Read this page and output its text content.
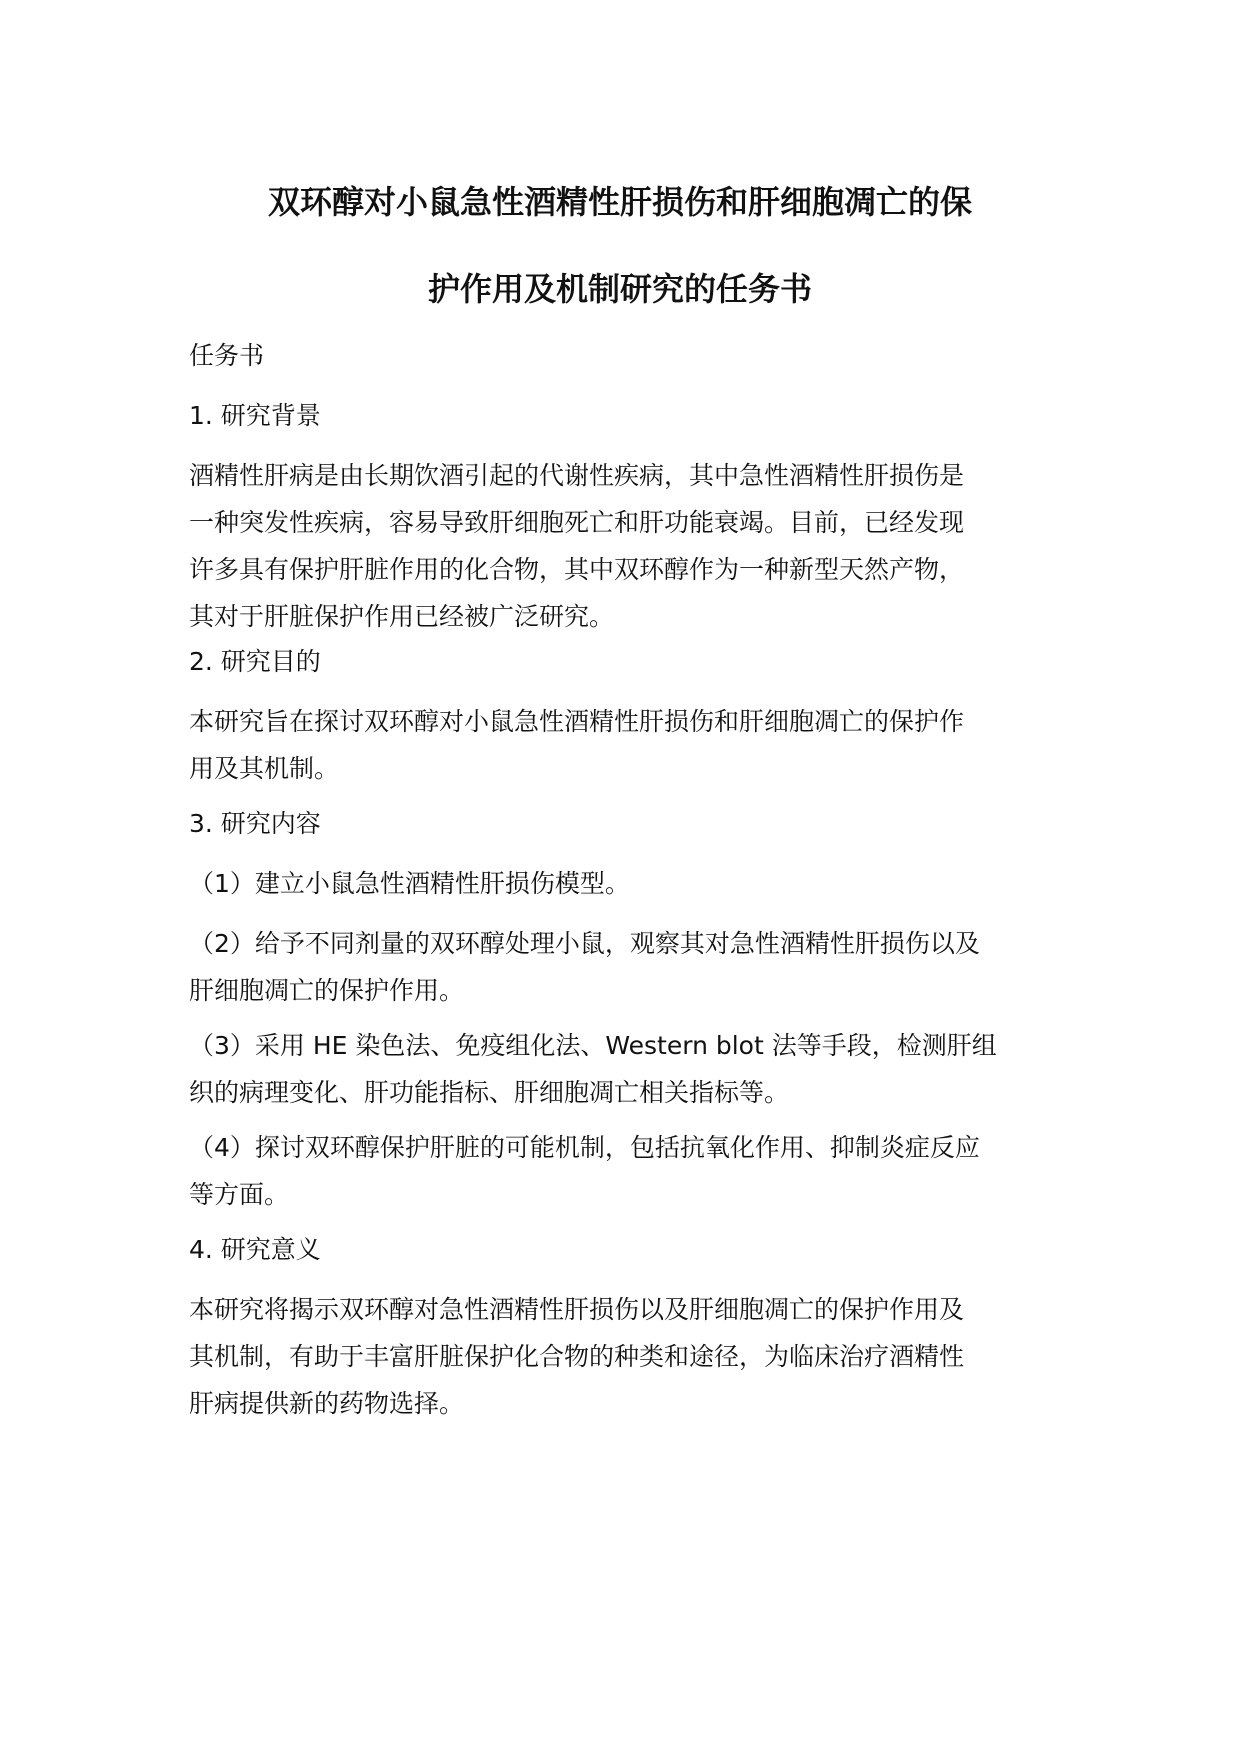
双环醇对小鼠急性酒精性肝损伤和肝细胞凋亡的保
护作用及机制研究的任务书

任务书

1. 研究背景

酒精性肝病是由长期饮酒引起的代谢性疾病，其中急性酒精性肝损伤是
一种突发性疾病，容易导致肝细胞死亡和肝功能衰竭。目前，已经发现
许多具有保护肝脏作用的化合物，其中双环醇作为一种新型天然产物，
其对于肝脏保护作用已经被广泛研究。

2. 研究目的

本研究旨在探讨双环醇对小鼠急性酒精性肝损伤和肝细胞凋亡的保护作
用及其机制。

3. 研究内容

（1）建立小鼠急性酒精性肝损伤模型。

（2）给予不同剂量的双环醇处理小鼠，观察其对急性酒精性肝损伤以及
肝细胞凋亡的保护作用。

（3）采用 HE 染色法、免疫组化法、Western blot 法等手段，检测肝组
织的病理变化、肝功能指标、肝细胞凋亡相关指标等。

（4）探讨双环醇保护肝脏的可能机制，包括抗氧化作用、抑制炎症反应
等方面。

4. 研究意义

本研究将揭示双环醇对急性酒精性肝损伤以及肝细胞凋亡的保护作用及
其机制，有助于丰富肝脏保护化合物的种类和途径，为临床治疗酒精性
肝病提供新的药物选择。
